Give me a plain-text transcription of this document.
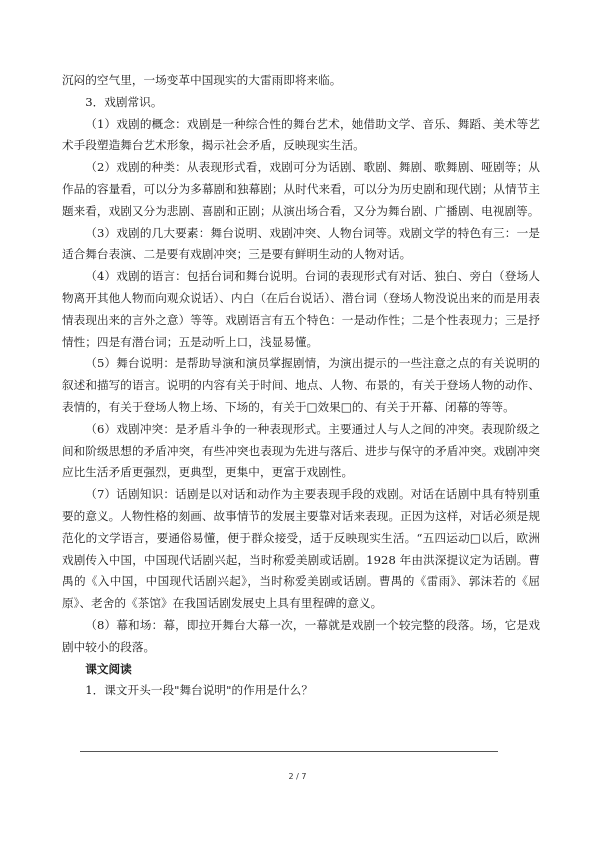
沉闷的空气里，一场变革中国现实的大雷雨即将来临。

3．戏剧常识。

（1）戏剧的概念：戏剧是一种综合性的舞台艺术，她借助文学、音乐、舞蹈、美术等艺术手段塑造舞台艺术形象，揭示社会矛盾，反映现实生活。

（2）戏剧的种类：从表现形式看，戏剧可分为话剧、歌剧、舞剧、歌舞剧、哑剧等；从作品的容量看，可以分为多幕剧和独幕剧；从时代来看，可以分为历史剧和现代剧；从情节主题来看，戏剧又分为悲剧、喜剧和正剧；从演出场合看，又分为舞台剧、广播剧、电视剧等。

（3）戏剧的几大要素：舞台说明、戏剧冲突、人物台词等。戏剧文学的特色有三：一是适合舞台表演、二是要有戏剧冲突；三是要有鲜明生动的人物对话。

（4）戏剧的语言：包括台词和舞台说明。台词的表现形式有对话、独白、旁白（登场人物离开其他人物而向观众说话）、内白（在后台说话）、潜台词（登场人物没说出来的而是用表情表现出来的言外之意）等等。戏剧语言有五个特色：一是动作性；二是个性表现力；三是抒情性；四是有潜台词；五是动听上口，浅显易懂。

（5）舞台说明：是帮助导演和演员掌握剧情，为演出提示的一些注意之点的有关说明的叙述和描写的语言。说明的内容有关于时间、地点、人物、布景的，有关于登场人物的动作、表情的，有关于登场人物上场、下场的，有关于□效果□的、有关于开幕、闭幕的等等。

（6）戏剧冲突：是矛盾斗争的一种表现形式。主要通过人与人之间的冲突。表现阶级之间和阶级思想的矛盾冲突，有些冲突也表现为先进与落后、进步与保守的矛盾冲突。戏剧冲突应比生活矛盾更强烈，更典型，更集中，更富于戏剧性。

（7）话剧知识：话剧是以对话和动作为主要表现手段的戏剧。对话在话剧中具有特别重要的意义。人物性格的刻画、故事情节的发展主要靠对话来表现。正因为这样，对话必须是规范化的文学语言，要通俗易懂，便于群众接受，适于反映现实生活。“五四运动□以后，欧洲戏剧传入中国，中国现代话剧兴起，当时称爱美剧或话剧。1928 年由洪深提议定为话剧。曹禺的《入中国，中国现代话剧兴起》，当时称爱美剧或话剧。曹禺的《雷雨》、郭沫若的《屈原》、老舍的《茶馆》在我国话剧发展史上具有里程碑的意义。

（8）幕和场：幕，即拉开舞台大幕一次，一幕就是戏剧一个较完整的段落。场，它是戏剧中较小的段落。

课文阅读

1．课文开头一段"舞台说明"的作用是什么？

2 / 7
